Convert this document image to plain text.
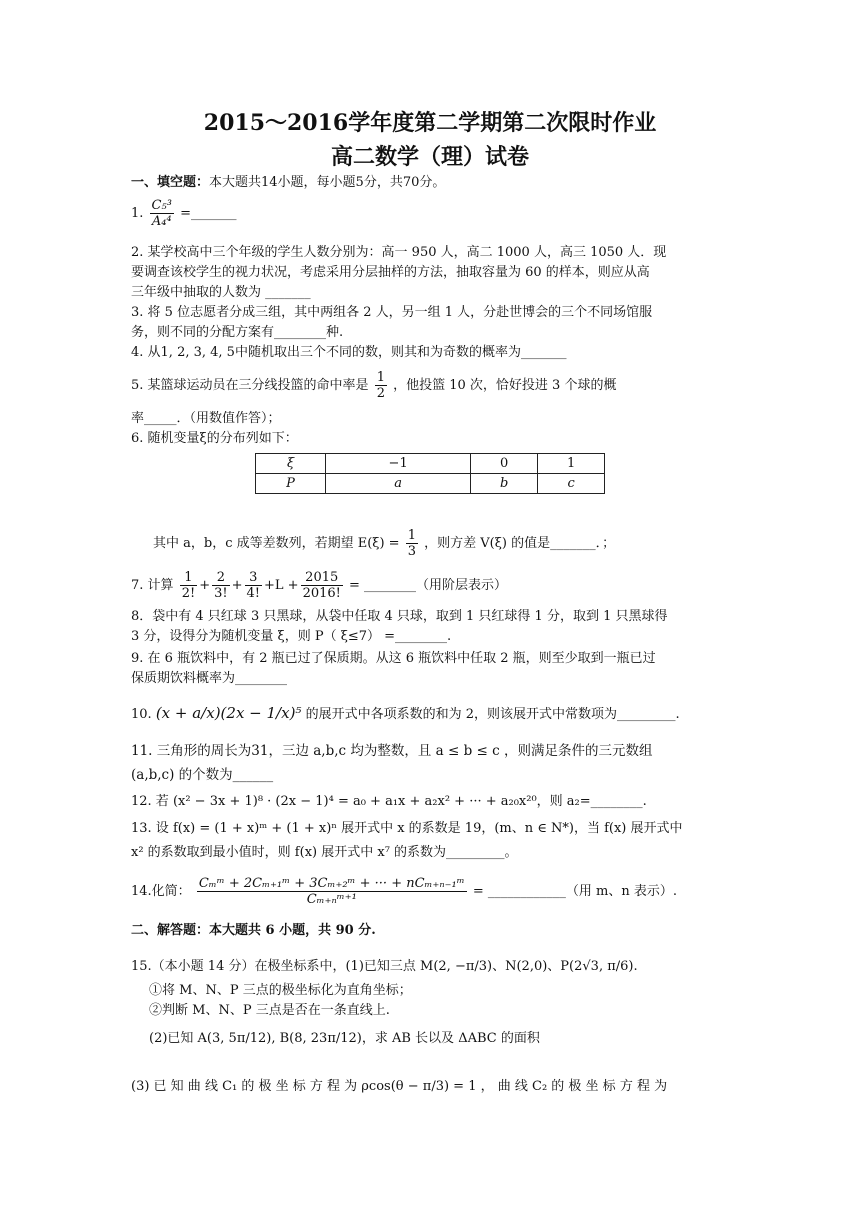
2015～2016学年度第二学期第二次限时作业
高二数学（理）试卷
一、填空题：本大题共14小题，每小题5分，共70分。
1. $\frac{\text{C₅³}}{\text{A₄⁴}}$ =_______
2. 某学校高中三个年级的学生人数分别为：高一 950 人，高二 1000 人，高三 1050 人．现
要调查该校学生的视力状况，考虑采用分层抽样的方法，抽取容量为 60 的样本，则应从高
三年级中抽取的人数为 _______
3. 将 5 位志愿者分成三组，其中两组各 2 人，另一组 1 人，分赴世博会的三个不同场馆服
务，则不同的分配方案有________种.
4. 从1, 2, 3, 4, 5中随机取出三个不同的数，则其和为奇数的概率为_______
5. 某篮球运动员在三分线投篮的命中率是 $\frac{1}{2}$ ，他投篮 10 次，恰好投进 3 个球的概
率_____．（用数值作答）；
6. 随机变量ξ的分布列如下：
ξ	−1	0	1
P	a	b	c
其中 a，b，c 成等差数列，若期望 $E(\xi) = \frac{1}{3}$ ，则方差 V(ξ) 的值是_______．；
7. 计算 $\frac{1}{2!} + \frac{2}{3!} + \frac{3}{4!} +L + \frac{2015}{2016!}$ = ________（用阶层表示）
8．袋中有 4 只红球 3 只黑球，从袋中任取 4 只球，取到 1 只红球得 1 分，取到 1 只黑球得
3 分，设得分为随机变量 ξ，则 P（ ξ≤7） =________.
9. 在 6 瓶饮料中，有 2 瓶已过了保质期。从这 6 瓶饮料中任取 2 瓶，则至少取到一瓶已过
保质期饮料概率为________
10. (x + a/x)(2x − 1/x)⁵ 的展开式中各项系数的和为 2，则该展开式中常数项为_________.
11. 三角形的周长为31，三边 a,b,c 均为整数，且 a ≤ b ≤ c ，则满足条件的三元数组
(a,b,c) 的个数为______
12. 若 (x² − 3x + 1)⁸ · (2x − 1)⁴ = a₀ + a₁x + a₂x² + ··· + a₂₀x²⁰，则 a₂=________.
13. 设 f(x) = (1 + x)ᵐ + (1 + x)ⁿ 展开式中 x 的系数是 19，(m、n ∈ N*)，当 f(x) 展开式中
x² 的系数取到最小值时，则 f(x) 展开式中 x⁷ 的系数为_________。
14.化简： $\frac{\text{Cₘᵐ + 2Cₘ₊₁ᵐ + 3Cₘ₊₂ᵐ + ··· + nCₘ₊ₙ₋₁ᵐ}}{\text{Cₘ₊ₙᵐ⁺¹}}$ = ____________（用 m、n 表示）.
二、解答题：本大题共 6 小题，共 90 分.
15.（本小题 14 分）在极坐标系中，(1)已知三点 M(2, −π/3)、N(2,0)、P(2√3, π/6).
①将 M、N、P 三点的极坐标化为直角坐标；
②判断 M、N、P 三点是否在一条直线上.
(2)已知 A(3, 5π/12), B(8, 23π/12)，求 AB 长以及 ΔABC 的面积
(3) 已 知 曲 线 C₁ 的 极 坐 标 方 程 为 ρcos(θ − π/3) = 1 ， 曲 线 C₂ 的 极 坐 标 方 程 为
